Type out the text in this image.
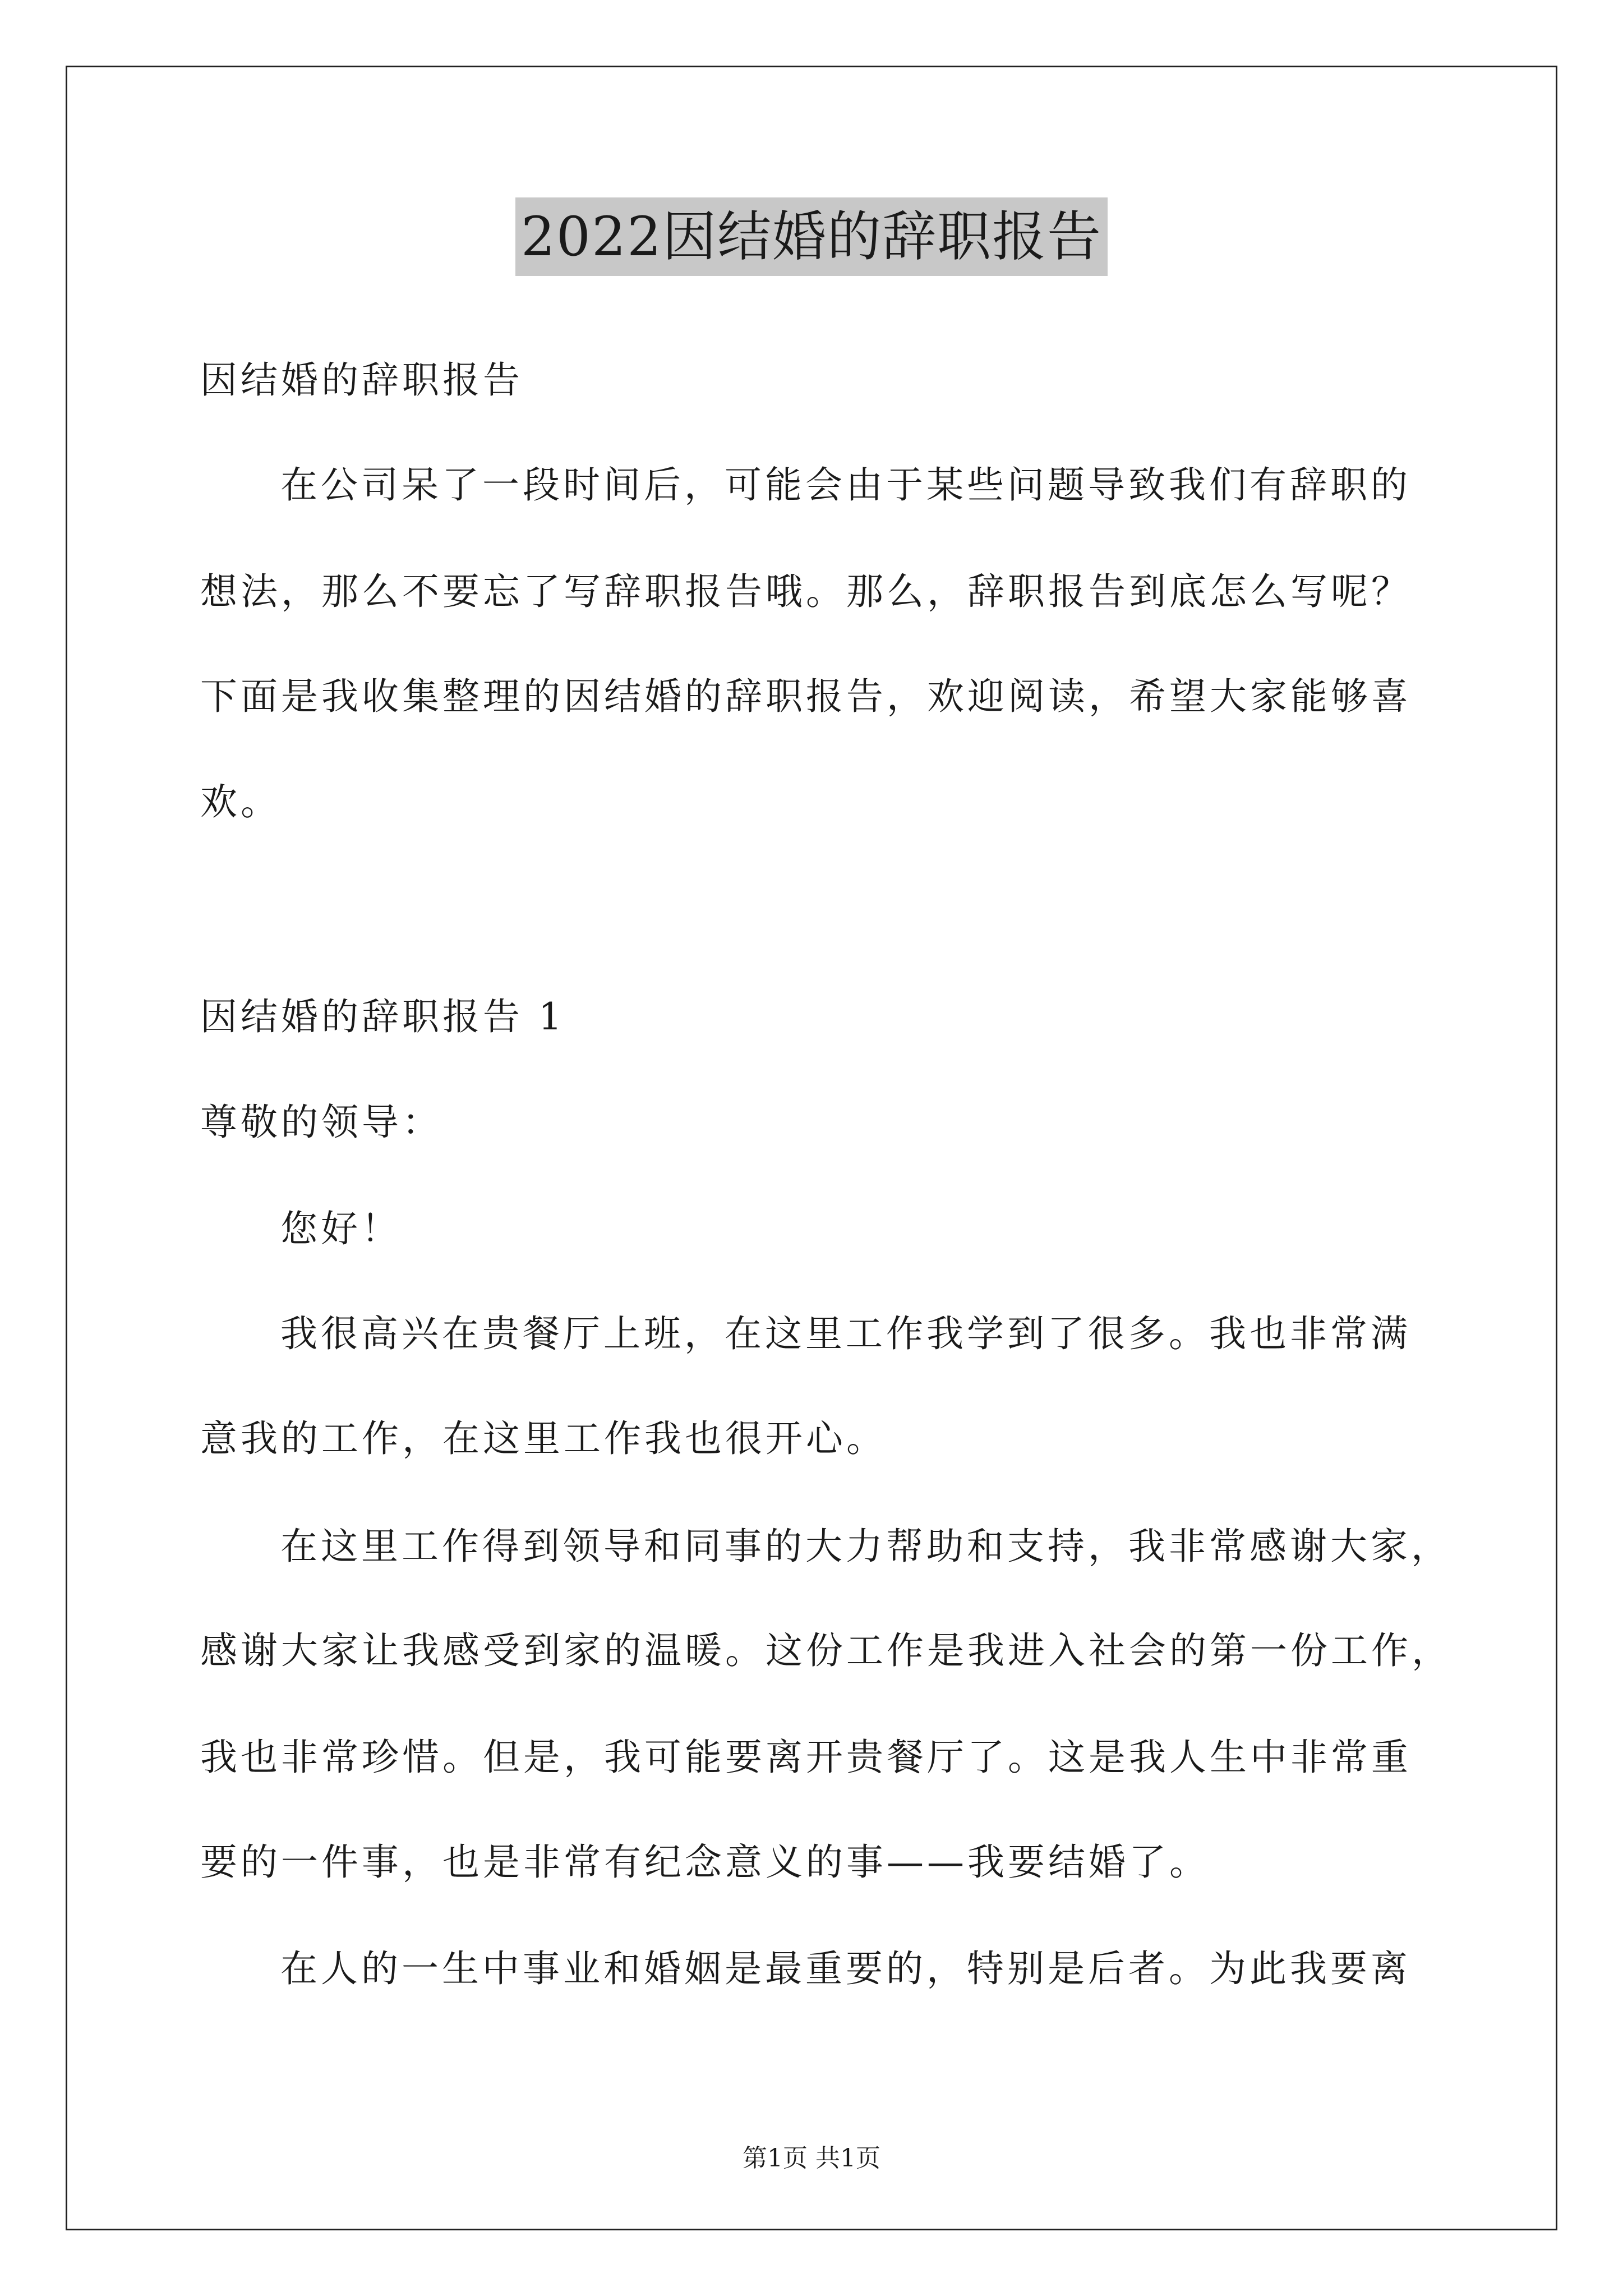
2022因结婚的辞职报告
因结婚的辞职报告
在公司呆了一段时间后，可能会由于某些问题导致我们有辞职的
想法，那么不要忘了写辞职报告哦。那么，辞职报告到底怎么写呢？
下面是我收集整理的因结婚的辞职报告，欢迎阅读，希望大家能够喜
欢。
因结婚的辞职报告 1
尊敬的领导：
您好！
我很高兴在贵餐厅上班，在这里工作我学到了很多。我也非常满
意我的工作，在这里工作我也很开心。
在这里工作得到领导和同事的大力帮助和支持，我非常感谢大家，
感谢大家让我感受到家的温暖。这份工作是我进入社会的第一份工作，
我也非常珍惜。但是，我可能要离开贵餐厅了。这是我人生中非常重
要的一件事，也是非常有纪念意义的事——我要结婚了。
在人的一生中事业和婚姻是最重要的，特别是后者。为此我要离
第1页 共1页
